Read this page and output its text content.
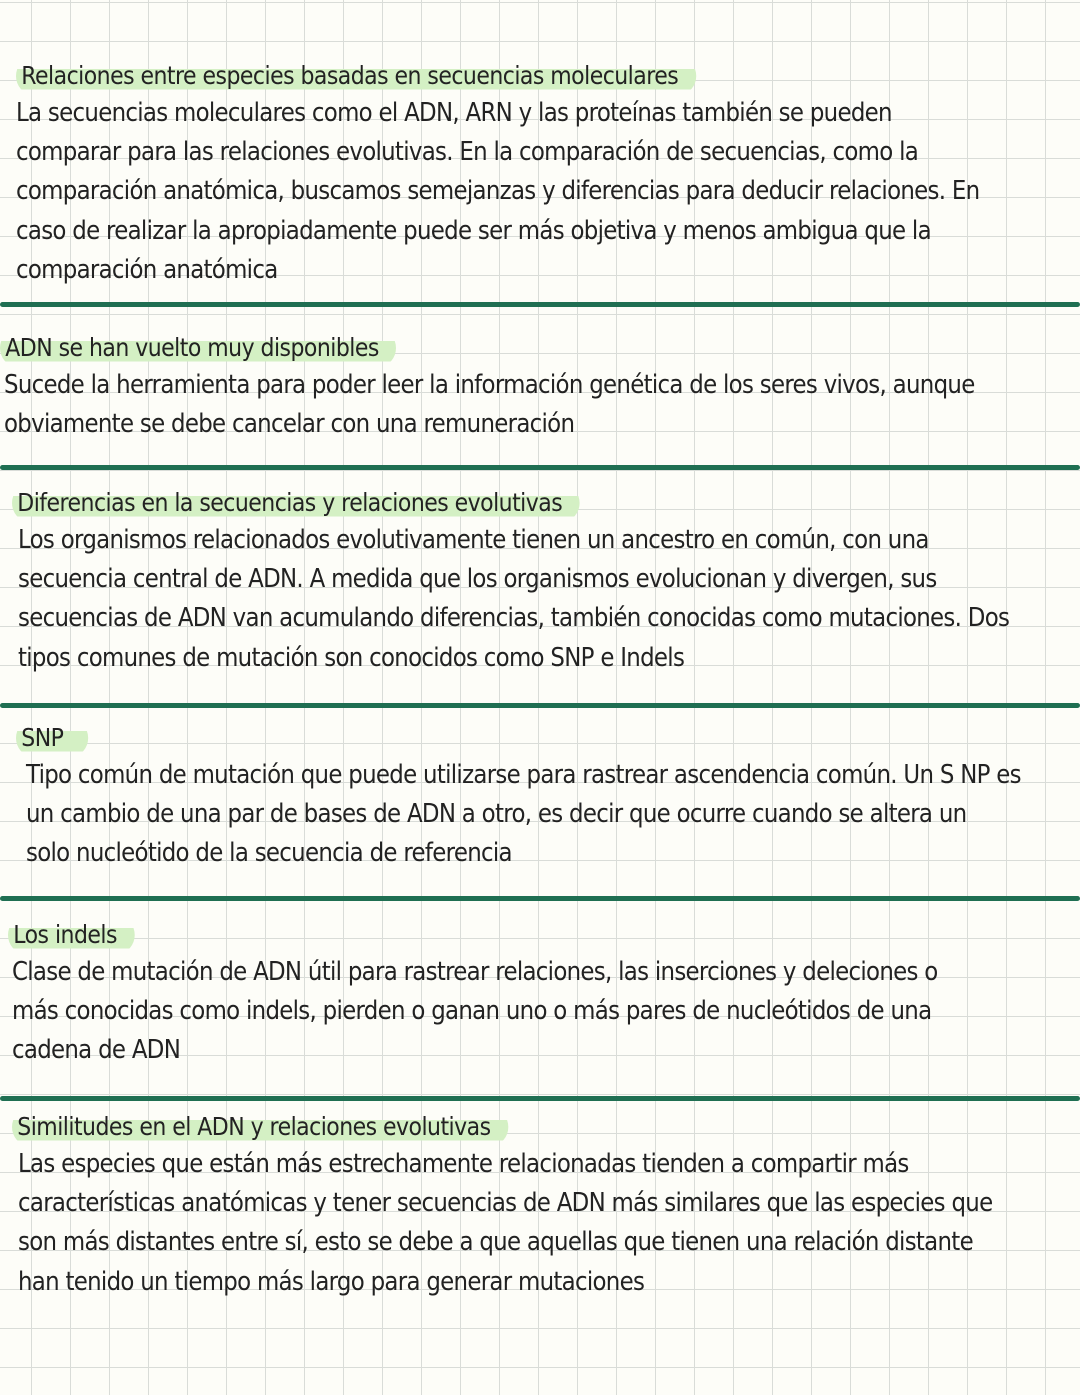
Relaciones entre especies basadas en secuencias moleculares
La secuencias moleculares como el ADN, ARN y las proteínas también se pueden
comparar para las relaciones evolutivas. En la comparación de secuencias, como la
comparación anatómica, buscamos semejanzas y diferencias para deducir relaciones. En
caso de realizar la apropiadamente puede ser más objetiva y menos ambigua que la
comparación anatómica
ADN se han vuelto muy disponibles
Sucede la herramienta para poder leer la información genética de los seres vivos, aunque
obviamente se debe cancelar con una remuneración
Diferencias en la secuencias y relaciones evolutivas
Los organismos relacionados evolutivamente tienen un ancestro en común, con una
secuencia central de ADN. A medida que los organismos evolucionan y divergen, sus
secuencias de ADN van acumulando diferencias, también conocidas como mutaciones. Dos
tipos comunes de mutación son conocidos como SNP e Indels
SNP
Tipo común de mutación que puede utilizarse para rastrear ascendencia común. Un S NP es
un cambio de una par de bases de ADN a otro, es decir que ocurre cuando se altera un
solo nucleótido de la secuencia de referencia
Los indels
Clase de mutación de ADN útil para rastrear relaciones, las inserciones y deleciones o
más conocidas como indels, pierden o ganan uno o más pares de nucleótidos de una
cadena de ADN
Similitudes en el ADN y relaciones evolutivas
Las especies que están más estrechamente relacionadas tienden a compartir más
características anatómicas y tener secuencias de ADN más similares que las especies que
son más distantes entre sí, esto se debe a que aquellas que tienen una relación distante
han tenido un tiempo más largo para generar mutaciones
